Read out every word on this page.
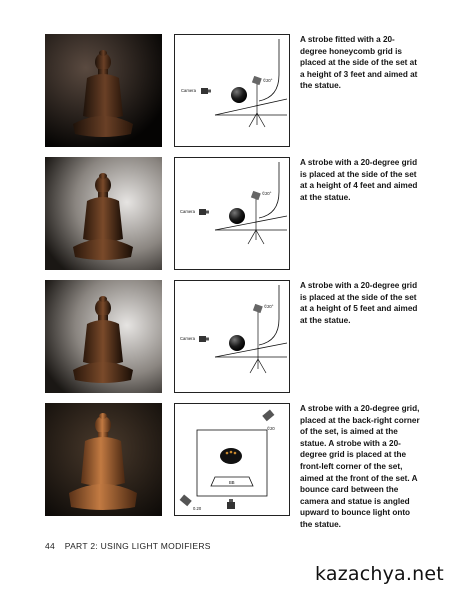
Camera
©20°

A strobe fitted with a 20-degree honeycomb grid is placed at the side of the set at a height of 3 feet and aimed at the statue.

Camera
©20°

A strobe with a 20-degree grid is placed at the side of the set at a height of 4 feet and aimed at the statue.

Camera
©20°

A strobe with a 20-degree grid is placed at the side of the set at a height of 5 feet and aimed at the statue.

BB
©20
0.20

A strobe with a 20-degree grid, placed at the back-right corner of the set, is aimed at the statue. A strobe with a 20-degree grid is placed at the front-left corner of the set, aimed at the front of the set. A bounce card between the camera and statue is angled upward to bounce light onto the statue.

44 PART 2: USING LIGHT MODIFIERS
kazachya.net
